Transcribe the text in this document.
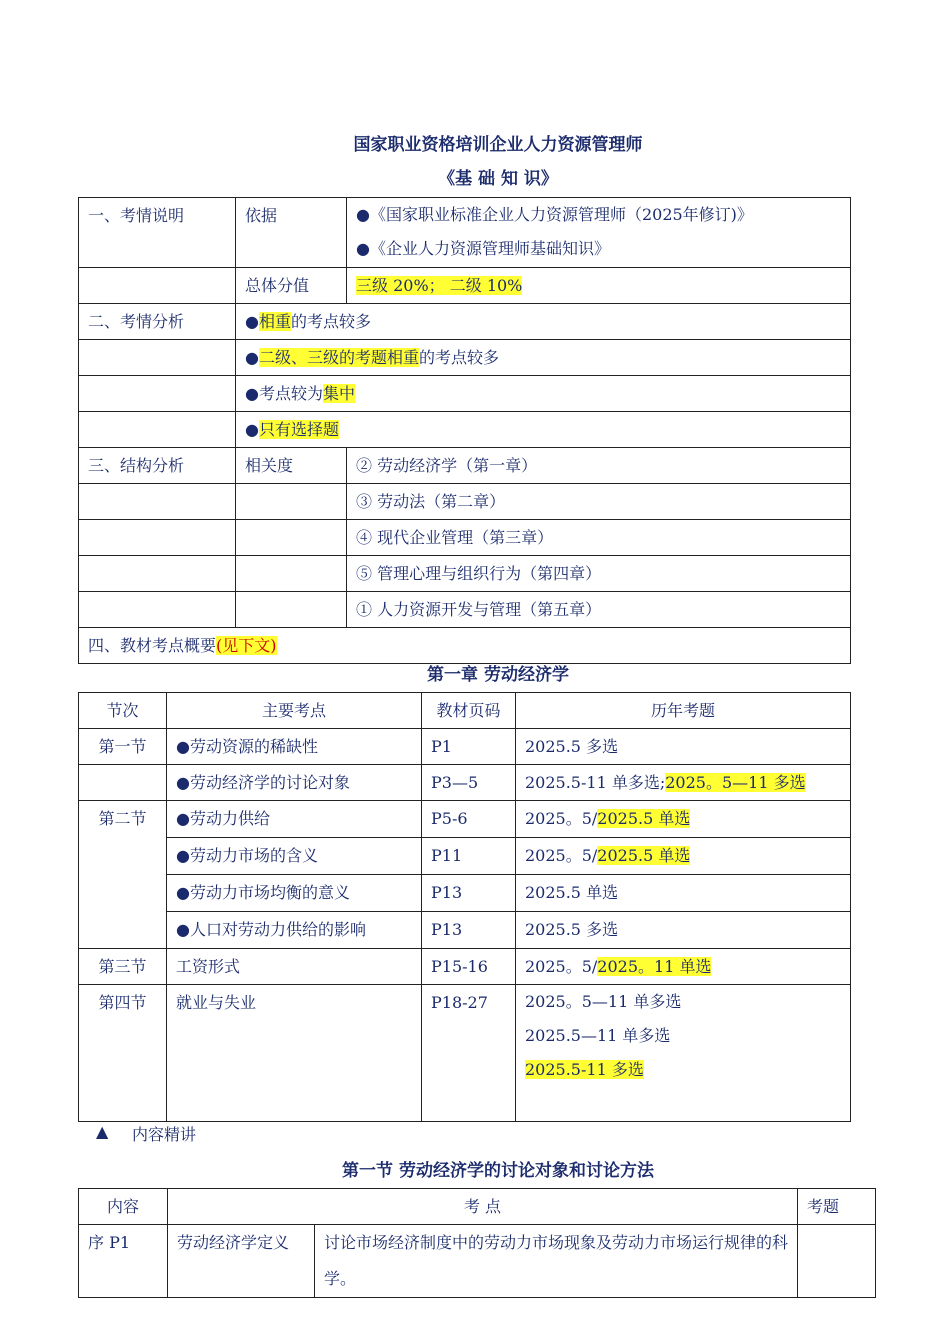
国家职业资格培训企业人力资源管理师
《基 础 知 识》
一、考情说明	依据	●《国家职业标准企业人力资源管理师（2025年修订)》
●《企业人力资源管理师基础知识》

	总体分值	三级 20%； 二级 10%
二、考情分析	●相重的考点较多	
	●二级、三级的考题相重的考点较多	
	●考点较为集中	
	●只有选择题	
三、结构分析	相关度	② 劳动经济学（第一章）
		③ 劳动法（第二章）
		④ 现代企业管理（第三章）
		⑤ 管理心理与组织行为（第四章）
		① 人力资源开发与管理（第五章）
四、教材考点概要(见下文)		
第一章 劳动经济学
节次	主要考点	教材页码	历年考题
第一节	●劳动资源的稀缺性	P1	2025.5 多选
	●劳动经济学的讨论对象	P3—5	2025.5-11 单多选;2025。5—11 多选
第二节	●劳动力供给	P5-6	2025。5/2025.5 单选
	●劳动力市场的含义	P11	2025。5/2025.5 单选
	●劳动力市场均衡的意义	P13	2025.5 单选
	●人口对劳动力供给的影响	P13	2025.5 多选
第三节	工资形式	P15-16	2025。5/2025。11 单选
第四节	就业与失业	P18-27	2025。5—11 单多选
2025.5—11 单多选
2025.5-11 多选
▲ 内容精讲
第一节 劳动经济学的讨论对象和讨论方法
内容	考 点		考题
序 P1	劳动经济学定义	讨论市场经济制度中的劳动力市场现象及劳动力市场运行规律的科学。	
